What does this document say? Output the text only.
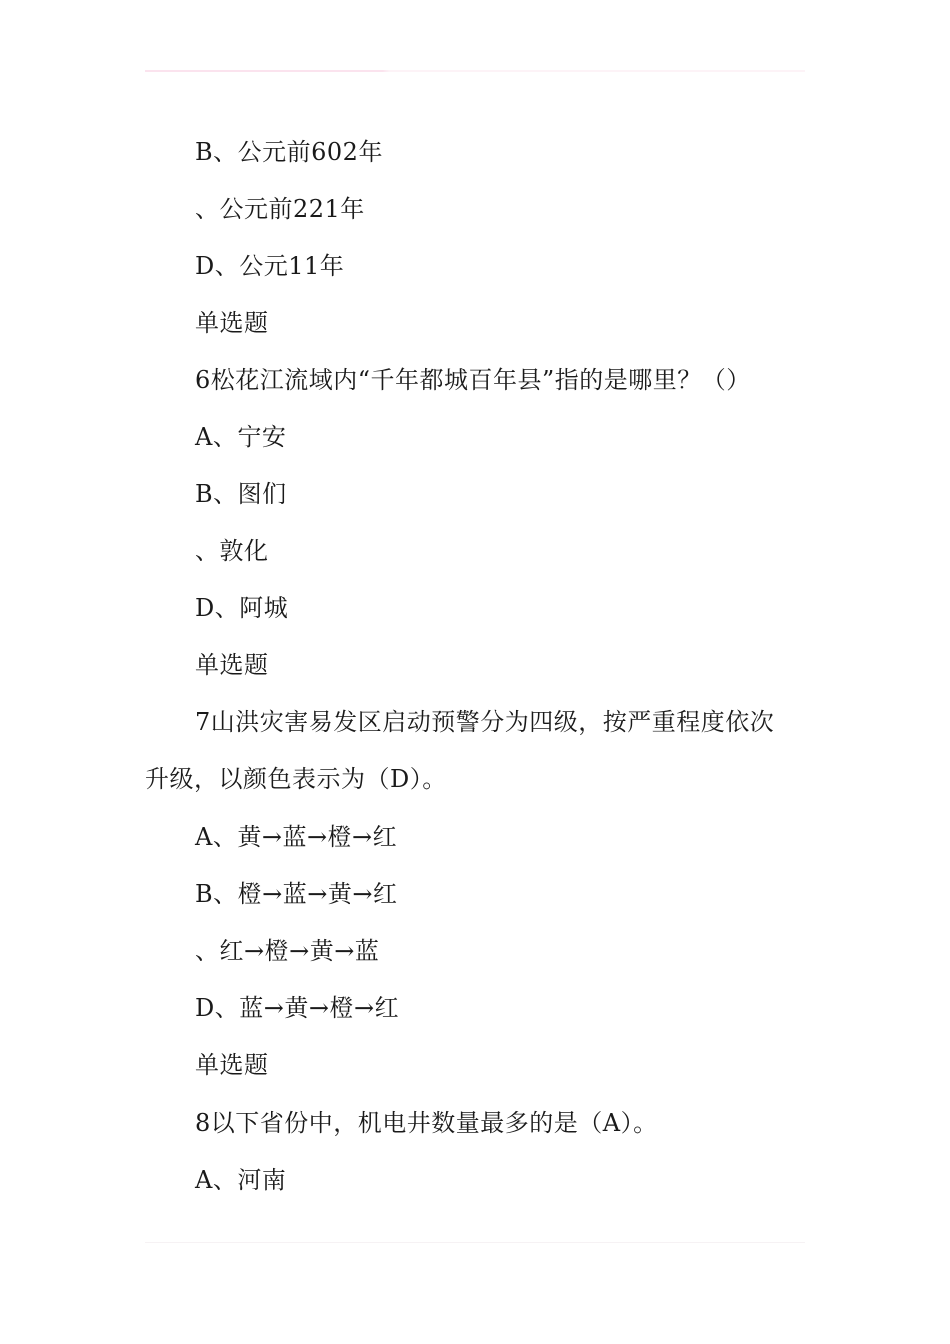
B、公元前602年
、公元前221年
D、公元11年
单选题
6松花江流域内“千年都城百年县”指的是哪里？（）
A、宁安
B、图们
、敦化
D、阿城
单选题
7山洪灾害易发区启动预警分为四级，按严重程度依次
升级，以颜色表示为（D）。
A、黄→蓝→橙→红
B、橙→蓝→黄→红
、红→橙→黄→蓝
D、蓝→黄→橙→红
单选题
8以下省份中，机电井数量最多的是（A）。
A、河南
